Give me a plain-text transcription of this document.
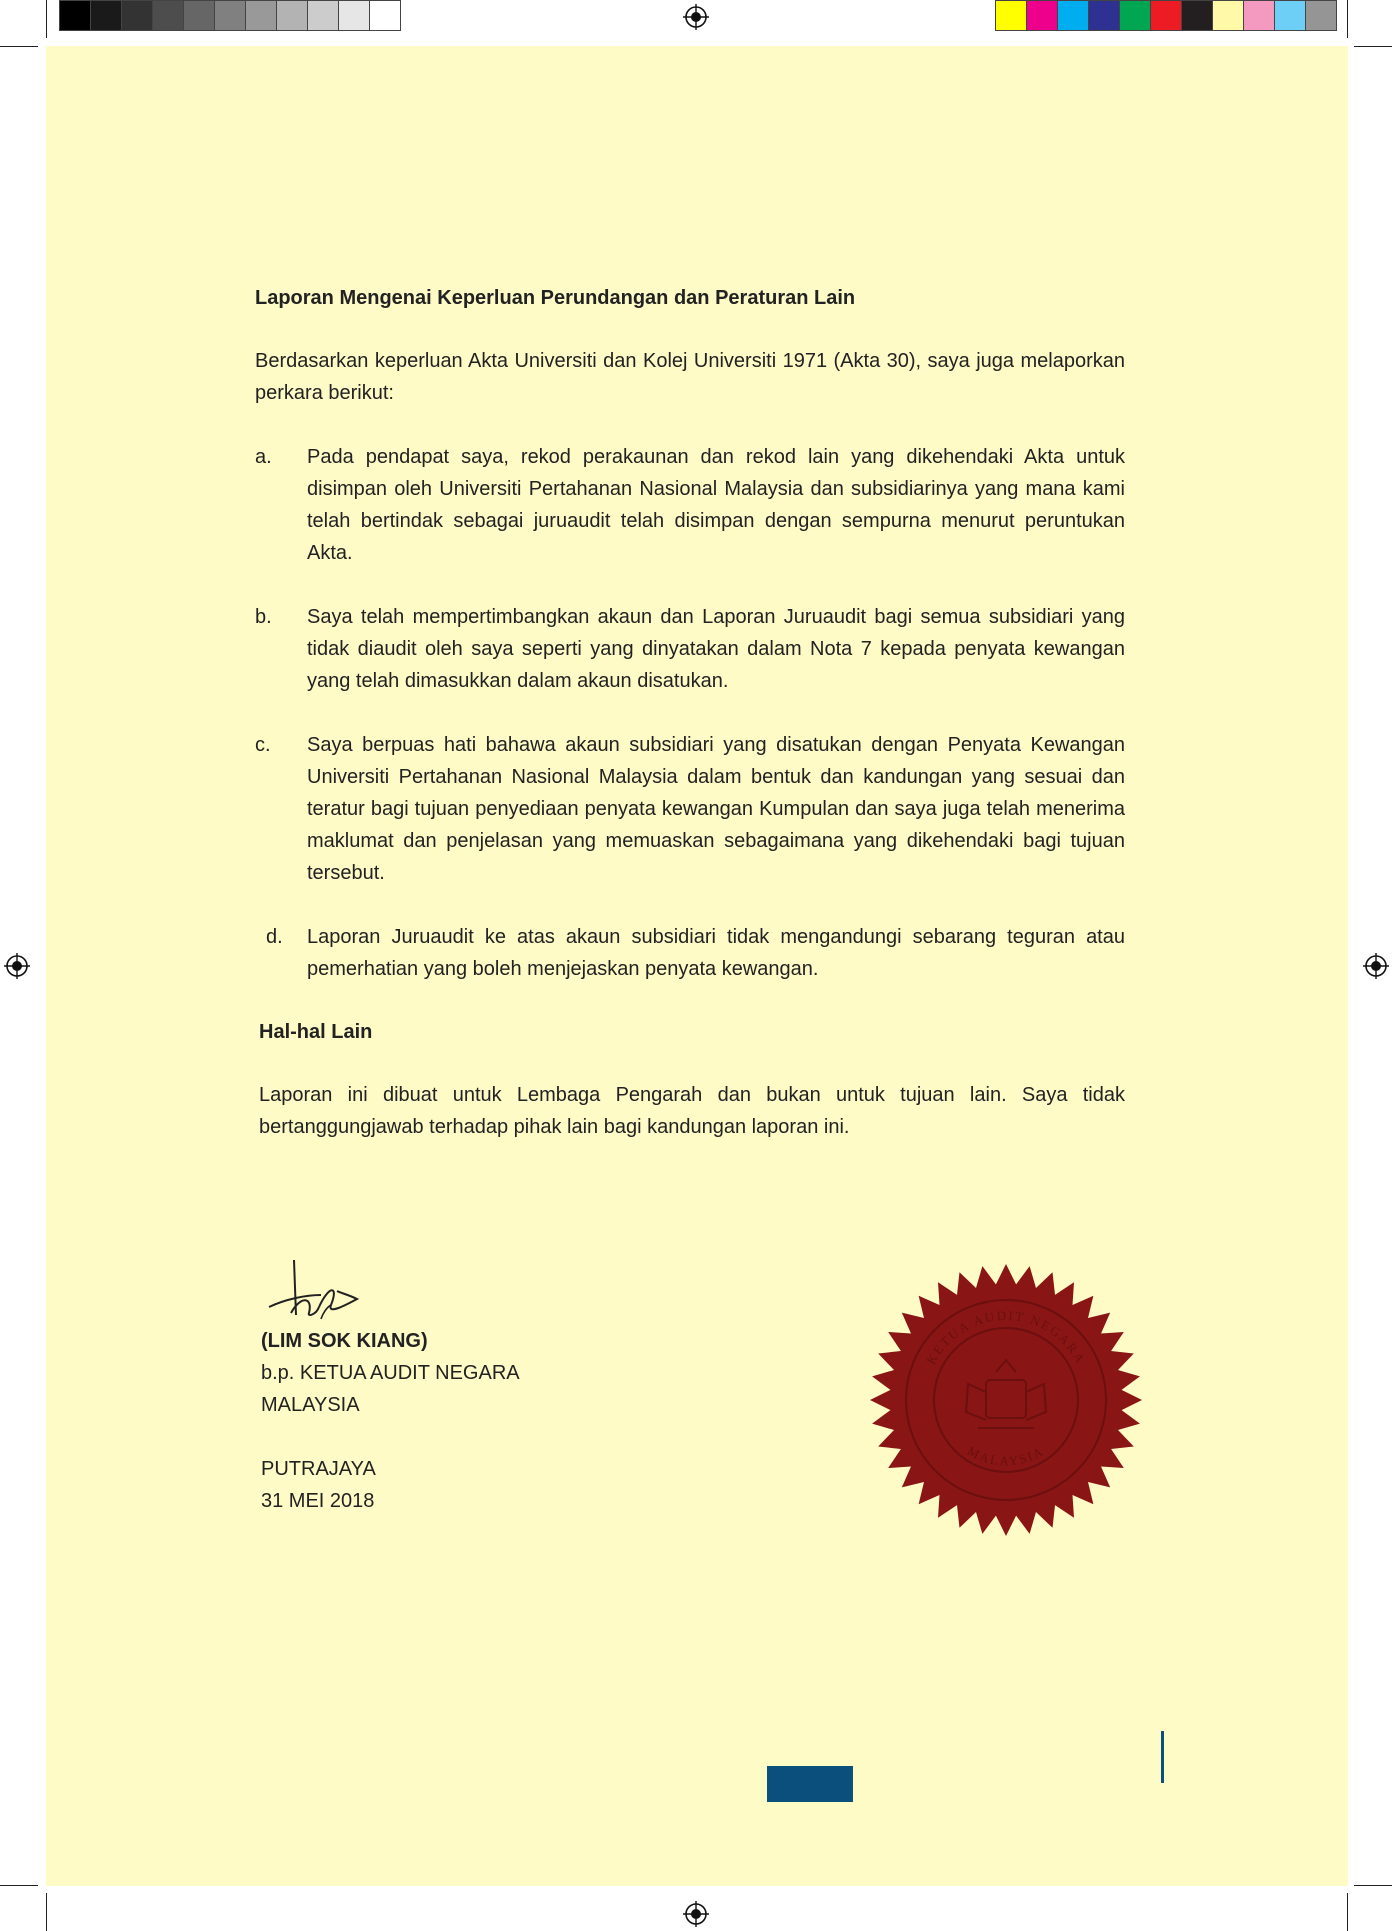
Laporan Mengenai Keperluan Perundangan dan Peraturan Lain

Berdasarkan keperluan Akta Universiti dan Kolej Universiti 1971 (Akta 30), saya juga melaporkan perkara berikut:

a. Pada pendapat saya, rekod perakaunan dan rekod lain yang dikehendaki Akta untuk disimpan oleh Universiti Pertahanan Nasional Malaysia dan subsidiarinya yang mana kami telah bertindak sebagai juruaudit telah disimpan dengan sempurna menurut peruntukan Akta.
b. Saya telah mempertimbangkan akaun dan Laporan Juruaudit bagi semua subsidiari yang tidak diaudit oleh saya seperti yang dinyatakan dalam Nota 7 kepada penyata kewangan yang telah dimasukkan dalam akaun disatukan.
c. Saya berpuas hati bahawa akaun subsidiari yang disatukan dengan Penyata Kewangan Universiti Pertahanan Nasional Malaysia dalam bentuk dan kandungan yang sesuai dan teratur bagi tujuan penyediaan penyata kewangan Kumpulan dan saya juga telah menerima maklumat dan penjelasan yang memuaskan sebagaimana yang dikehendaki bagi tujuan tersebut.
d. Laporan Juruaudit ke atas akaun subsidiari tidak mengandungi sebarang teguran atau pemerhatian yang boleh menjejaskan penyata kewangan.

Hal-hal Lain

Laporan ini dibuat untuk Lembaga Pengarah dan bukan untuk tujuan lain. Saya tidak bertanggungjawab terhadap pihak lain bagi kandungan laporan ini.

(LIM SOK KIANG)
b.p. KETUA AUDIT NEGARA
MALAYSIA
PUTRAJAYA
31 MEI 2018
KETUA AUDIT NEGARA
MALAYSIA
